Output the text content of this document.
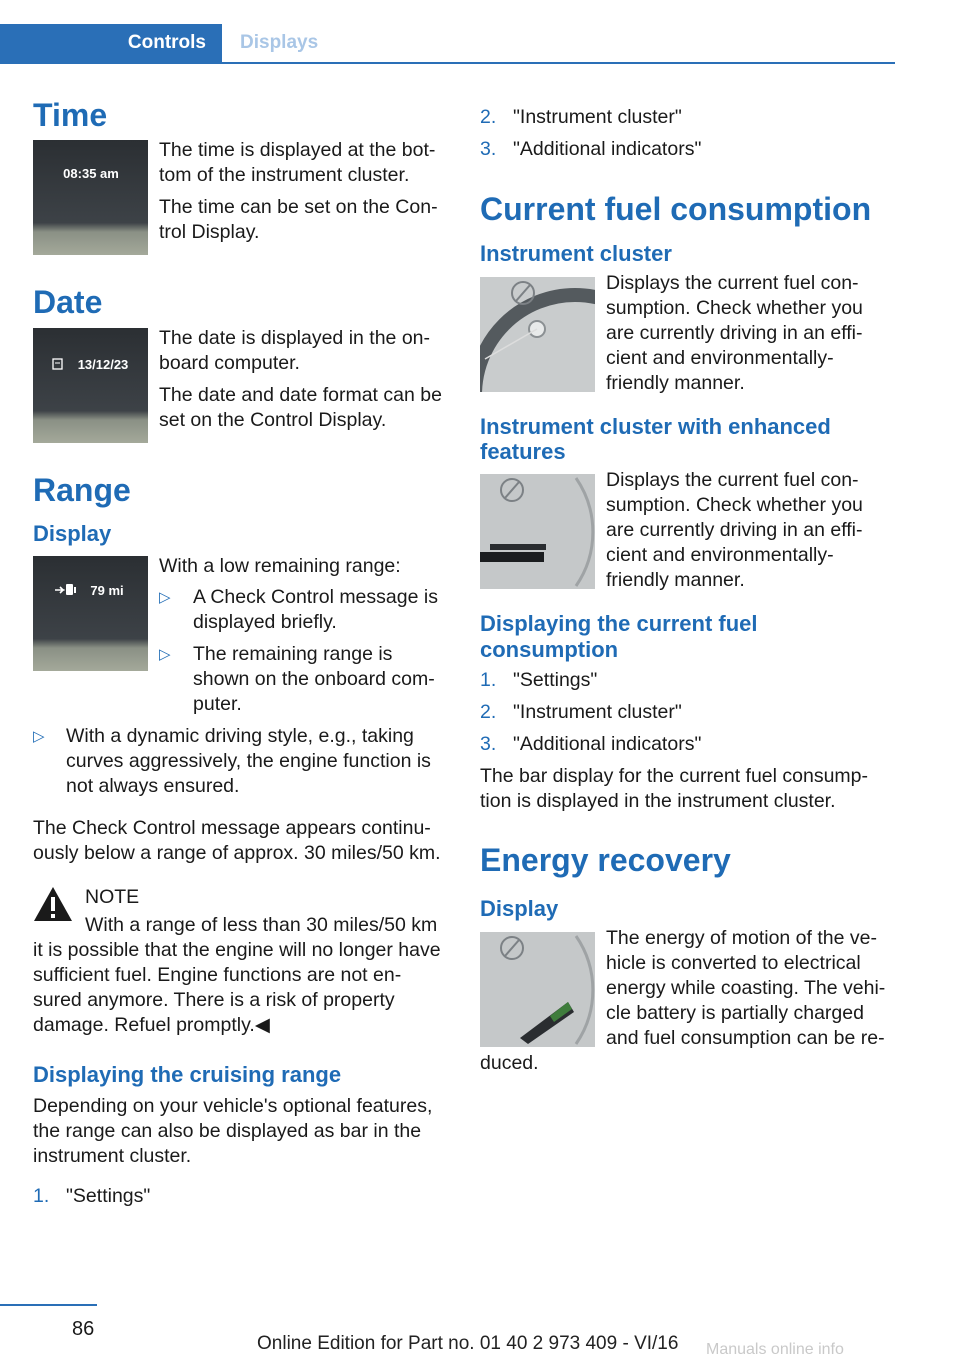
Controls	Displays
Time
08:35 am

The time is displayed at the bot-tom of the instrument cluster.

The time can be set on the Con-trol Display.

Date
13/12/23

The date is displayed in the on-board computer.

The date and date format can be set on the Control Display.

Range
Display
79 mi

With a low remaining range:

▷ A Check Control message is displayed briefly.
▷ The remaining range is shown on the onboard com-puter.
▷ With a dynamic driving style, e.g., taking curves aggressively, the engine function is not always ensured.

The Check Control message appears continu-ously below a range of approx. 30 miles/50 km.

NOTE

With a range of less than 30 miles/50 km it is possible that the engine will no longer have sufficient fuel. Engine functions are not en-sured anymore. There is a risk of property damage. Refuel promptly.◀

Displaying the cruising range

Depending on your vehicle's optional features, the range can also be displayed as bar in the instrument cluster.

1. "Settings"
2. "Instrument cluster"
3. "Additional indicators"
Current fuel consumption
Instrument cluster

Displays the current fuel con-sumption. Check whether you are currently driving in an effi-cient and environmentally-friendly manner.

Instrument cluster with enhanced features

Displays the current fuel con-sumption. Check whether you are currently driving in an effi-cient and environmentally-friendly manner.

Displaying the current fuel consumption
1. "Settings"
2. "Instrument cluster"
3. "Additional indicators"

The bar display for the current fuel consump-tion is displayed in the instrument cluster.

Energy recovery
Display

The energy of motion of the ve-hicle is converted to electrical energy while coasting. The vehi-cle battery is partially charged and fuel consumption can be re-duced.

86
Online Edition for Part no. 01 40 2 973 409 - VI/16 Manuals online info
